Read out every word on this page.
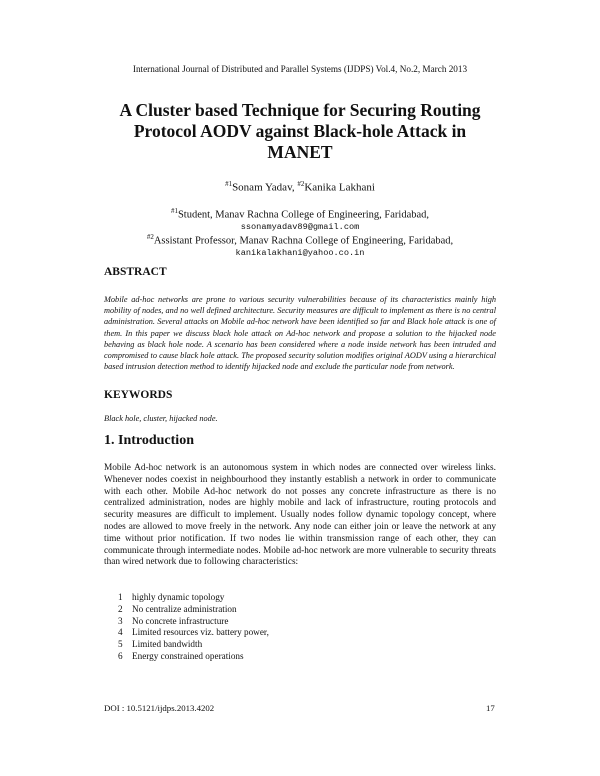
International Journal of Distributed and Parallel Systems (IJDPS) Vol.4, No.2, March 2013
A Cluster based Technique for Securing Routing
Protocol AODV against Black-hole Attack in
MANET
$^{\#1}$Sonam Yadav, $^{\#2}$Kanika Lakhani
$^{\#1}$Student, Manav Rachna College of Engineering, Faridabad,
ssonamyadav89@gmail.com
$^{\#2}$Assistant Professor, Manav Rachna College of Engineering, Faridabad,
kanikalakhani@yahoo.co.in
ABSTRACT
Mobile ad-hoc networks are prone to various security vulnerabilities because of its characteristics mainly high mobility of nodes, and no well defined architecture. Security measures are difficult to implement as there is no central administration. Several attacks on Mobile ad-hoc network have been identified so far and Black hole attack is one of them. In this paper we discuss black hole attack on Ad-hoc network and propose a solution to the hijacked node behaving as black hole node. A scenario has been considered where a node inside network has been intruded and compromised to cause black hole attack. The proposed security solution modifies original AODV using a hierarchical based intrusion detection method to identify hijacked node and exclude the particular node from network.
KEYWORDS
Black hole, cluster, hijacked node.
1. Introduction
Mobile Ad-hoc network is an autonomous system in which nodes are connected over wireless links. Whenever nodes coexist in neighbourhood they instantly establish a network in order to communicate with each other. Mobile Ad-hoc network do not posses any concrete infrastructure as there is no centralized administration, nodes are highly mobile and lack of infrastructure, routing protocols and security measures are difficult to implement. Usually nodes follow dynamic topology concept, where nodes are allowed to move freely in the network. Any node can either join or leave the network at any time without prior notification. If two nodes lie within transmission range of each other, they can communicate through intermediate nodes. Mobile ad-hoc network are more vulnerable to security threats than wired network due to following characteristics:
1	highly dynamic topology
2	No centralize administration
3	No concrete infrastructure
4	Limited resources viz. battery power,
5	Limited bandwidth
6	Energy constrained operations
DOI : 10.5121/ijdps.2013.4202	17
